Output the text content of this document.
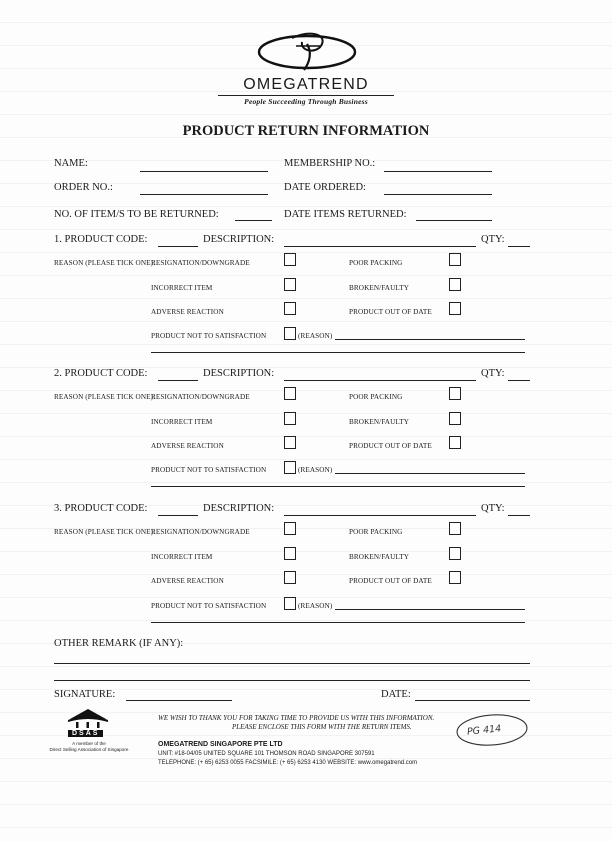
OMEGATREND
People Succeeding Through Business
PRODUCT RETURN INFORMATION
NAME:	MEMBERSHIP NO.:
ORDER NO.:	DATE ORDERED:
NO. OF ITEM/S TO BE RETURNED:	DATE ITEMS RETURNED:
1. PRODUCT CODE:	DESCRIPTION:	QTY:
REASON (PLEASE TICK ONE):
RESIGNATION/DOWNGRADE	POOR PACKING
INCORRECT ITEM	BROKEN/FAULTY
ADVERSE REACTION	PRODUCT OUT OF DATE
PRODUCT NOT TO SATISFACTION	(REASON)
2. PRODUCT CODE:	DESCRIPTION:	QTY:
REASON (PLEASE TICK ONE):
RESIGNATION/DOWNGRADE	POOR PACKING
INCORRECT ITEM	BROKEN/FAULTY
ADVERSE REACTION	PRODUCT OUT OF DATE
PRODUCT NOT TO SATISFACTION	(REASON)
3. PRODUCT CODE:	DESCRIPTION:	QTY:
REASON (PLEASE TICK ONE):
RESIGNATION/DOWNGRADE	POOR PACKING
INCORRECT ITEM	BROKEN/FAULTY
ADVERSE REACTION	PRODUCT OUT OF DATE
PRODUCT NOT TO SATISFACTION	(REASON)
OTHER REMARK (IF ANY):
SIGNATURE:	DATE:
DSAS
A member of the
Direct Selling Association of Singapore
WE WISH TO THANK YOU FOR TAKING TIME TO PROVIDE US WITH THIS INFORMATION.
PLEASE ENCLOSE THIS FORM WITH THE RETURN ITEMS.	PG 414
OMEGATREND SINGAPORE PTE LTD
UNIT: #18-04/05 UNITED SQUARE 101 THOMSON ROAD SINGAPORE 307591
TELEPHONE: (+ 65) 6253 0055 FACSIMILE: (+ 65) 6253 4130 WEBSITE: www.omegatrend.com
